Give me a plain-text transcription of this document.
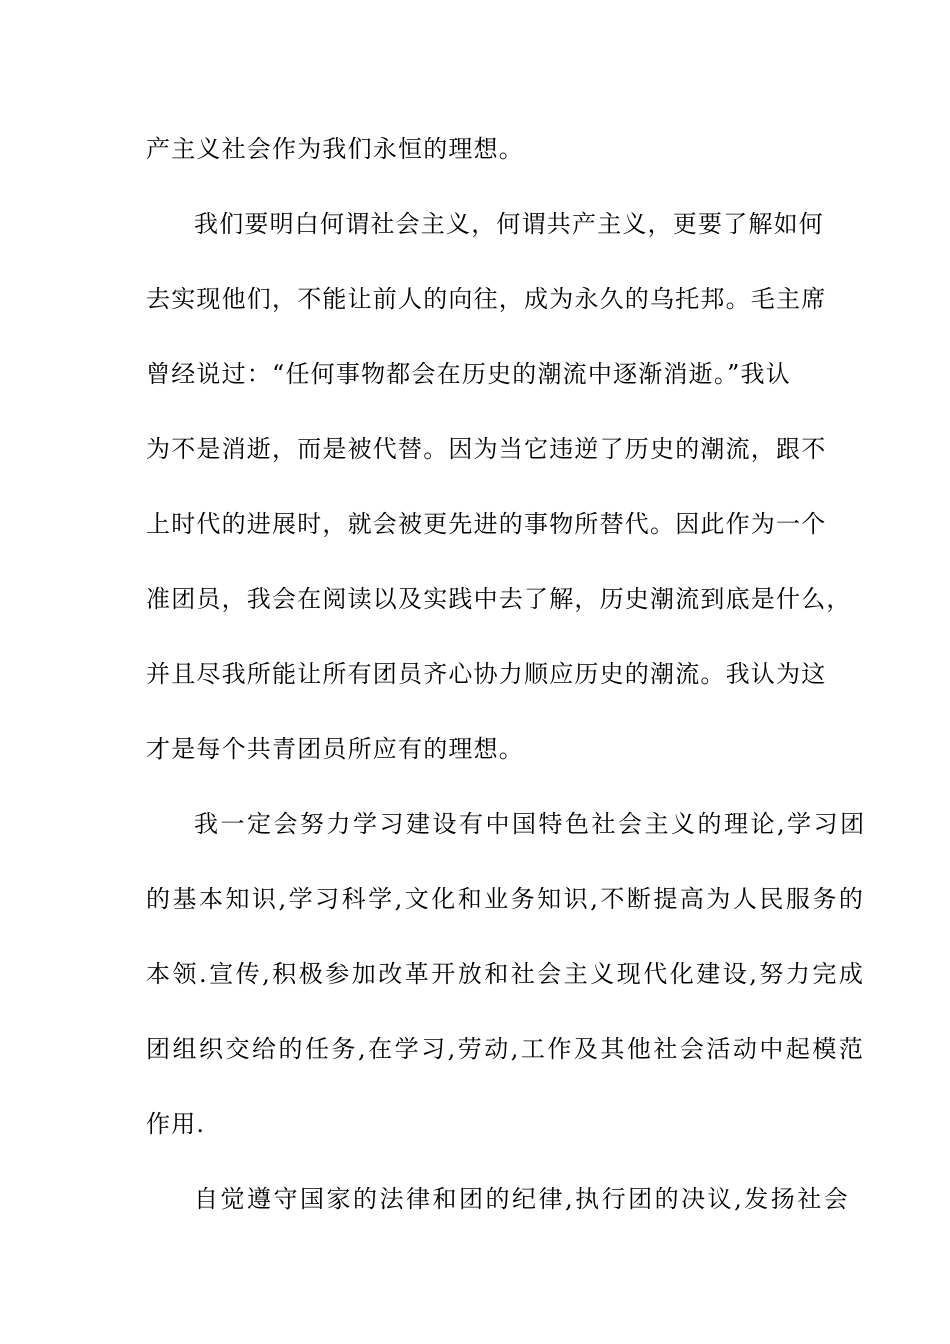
产主义社会作为我们永恒的理想。
我们要明白何谓社会主义，何谓共产主义，更要了解如何
去实现他们，不能让前人的向往，成为永久的乌托邦。毛主席
曾经说过：“任何事物都会在历史的潮流中逐渐消逝。”我认
为不是消逝，而是被代替。因为当它违逆了历史的潮流，跟不
上时代的进展时，就会被更先进的事物所替代。因此作为一个
准团员，我会在阅读以及实践中去了解，历史潮流到底是什么，
并且尽我所能让所有团员齐心协力顺应历史的潮流。我认为这
才是每个共青团员所应有的理想。
我一定会努力学习建设有中国特色社会主义的理论,学习团
的基本知识,学习科学,文化和业务知识,不断提高为人民服务的
本领.宣传,积极参加改革开放和社会主义现代化建设,努力完成
团组织交给的任务,在学习,劳动,工作及其他社会活动中起模范
作用.
自觉遵守国家的法律和团的纪律,执行团的决议,发扬社会
